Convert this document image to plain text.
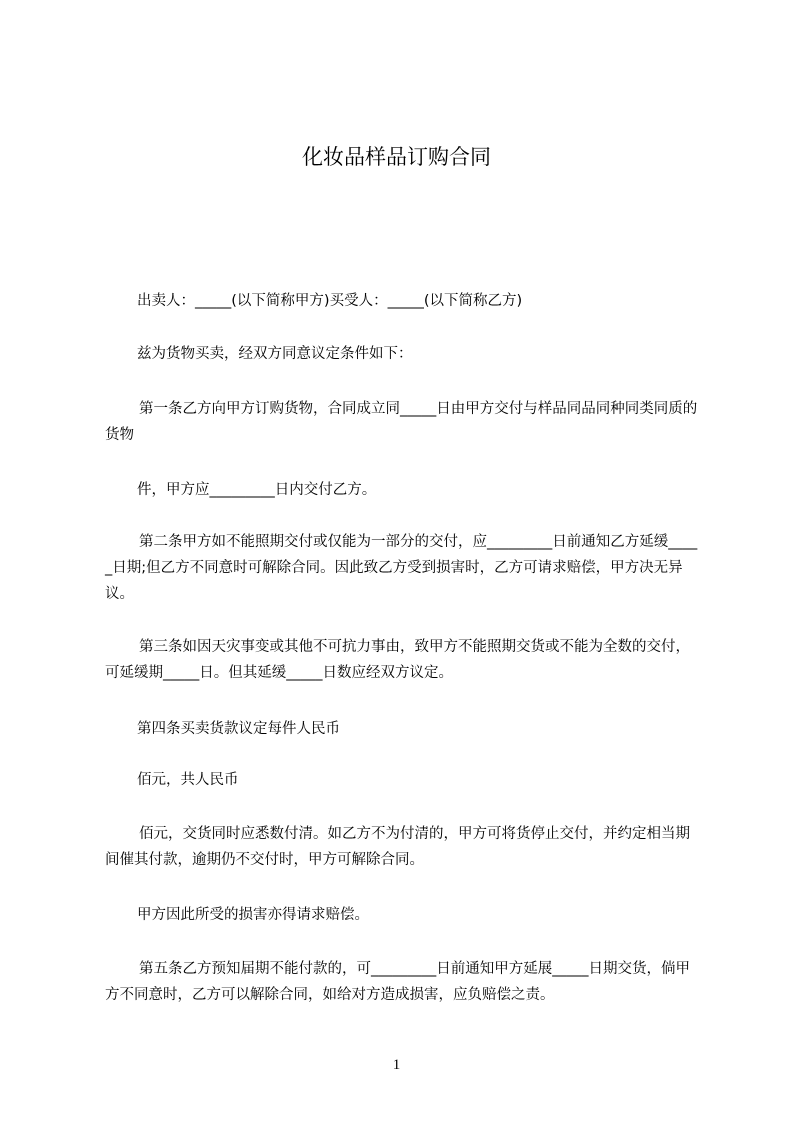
化妆品样品订购合同

出卖人：_____(以下简称甲方)买受人：_____(以下简称乙方)

兹为货物买卖，经双方同意议定条件如下：

第一条乙方向甲方订购货物，合同成立同_____日由甲方交付与样品同品同种同类同质的货物

件，甲方应_________日内交付乙方。

第二条甲方如不能照期交付或仅能为一部分的交付，应_________日前通知乙方延缓_____日期;但乙方不同意时可解除合同。因此致乙方受到损害时，乙方可请求赔偿，甲方决无异议。

第三条如因天灾事变或其他不可抗力事由，致甲方不能照期交货或不能为全数的交付，可延缓期_____日。但其延缓_____日数应经双方议定。

第四条买卖货款议定每件人民币

佰元，共人民币

佰元，交货同时应悉数付清。如乙方不为付清的，甲方可将货停止交付，并约定相当期间催其付款，逾期仍不交付时，甲方可解除合同。

甲方因此所受的损害亦得请求赔偿。

第五条乙方预知届期不能付款的，可_________日前通知甲方延展_____日期交货，倘甲方不同意时，乙方可以解除合同，如给对方造成损害，应负赔偿之责。

1
